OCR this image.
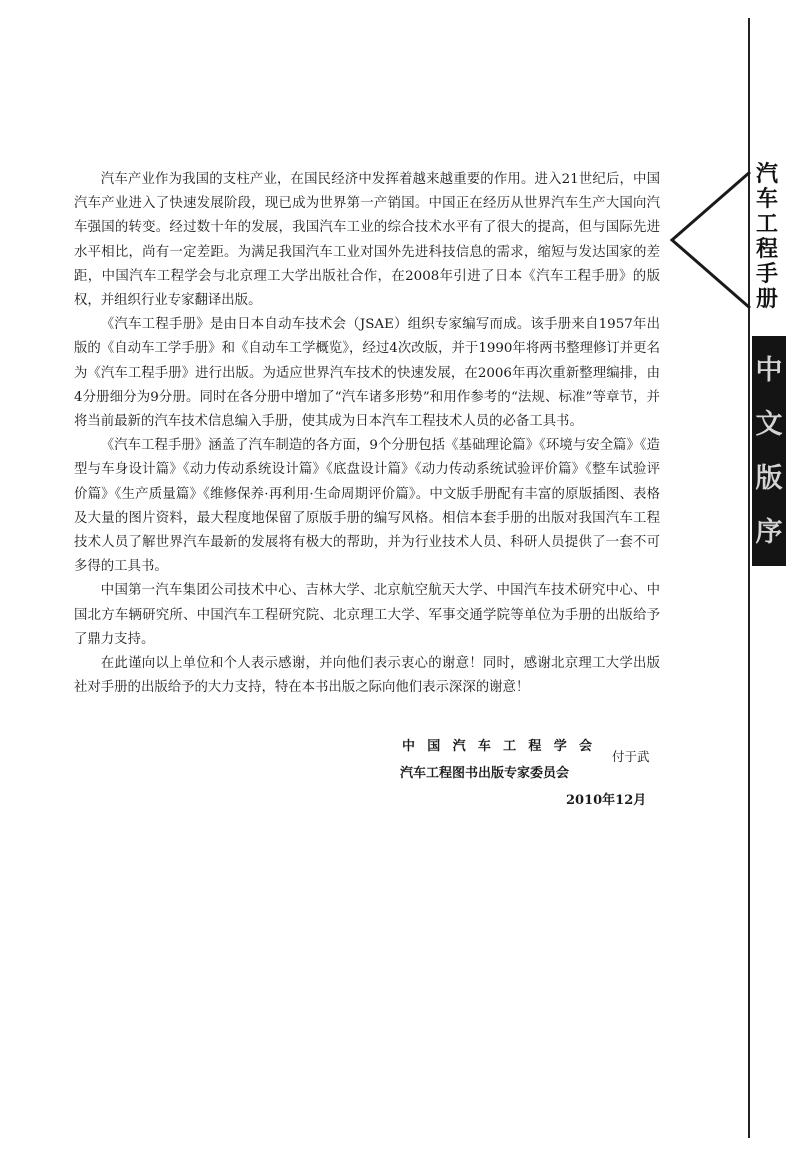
汽车工程手册
中文版序

汽车产业作为我国的支柱产业，在国民经济中发挥着越来越重要的作用。进入21世纪后，中国汽车产业进入了快速发展阶段，现已成为世界第一产销国。中国正在经历从世界汽车生产大国向汽车强国的转变。经过数十年的发展，我国汽车工业的综合技术水平有了很大的提高，但与国际先进水平相比，尚有一定差距。为满足我国汽车工业对国外先进科技信息的需求，缩短与发达国家的差距，中国汽车工程学会与北京理工大学出版社合作，在2008年引进了日本《汽车工程手册》的版权，并组织行业专家翻译出版。

《汽车工程手册》是由日本自动车技术会（JSAE）组织专家编写而成。该手册来自1957年出版的《自动车工学手册》和《自动车工学概览》，经过4次改版，并于1990年将两书整理修订并更名为《汽车工程手册》进行出版。为适应世界汽车技术的快速发展，在2006年再次重新整理编排，由4分册细分为9分册。同时在各分册中增加了“汽车诸多形势”和用作参考的“法规、标准”等章节，并将当前最新的汽车技术信息编入手册，使其成为日本汽车工程技术人员的必备工具书。

《汽车工程手册》涵盖了汽车制造的各方面，9个分册包括《基础理论篇》《环境与安全篇》《造型与车身设计篇》《动力传动系统设计篇》《底盘设计篇》《动力传动系统试验评价篇》《整车试验评价篇》《生产质量篇》《维修保养·再利用·生命周期评价篇》。中文版手册配有丰富的原版插图、表格及大量的图片资料，最大程度地保留了原版手册的编写风格。相信本套手册的出版对我国汽车工程技术人员了解世界汽车最新的发展将有极大的帮助，并为行业技术人员、科研人员提供了一套不可多得的工具书。

中国第一汽车集团公司技术中心、吉林大学、北京航空航天大学、中国汽车技术研究中心、中国北方车辆研究所、中国汽车工程研究院、北京理工大学、军事交通学院等单位为手册的出版给予了鼎力支持。

在此谨向以上单位和个人表示感谢，并向他们表示衷心的谢意！同时，感谢北京理工大学出版社对手册的出版给予的大力支持，特在本书出版之际向他们表示深深的谢意！

中国汽车工程学会
汽车工程图书出版专家委员会
付于武
2010年12月
